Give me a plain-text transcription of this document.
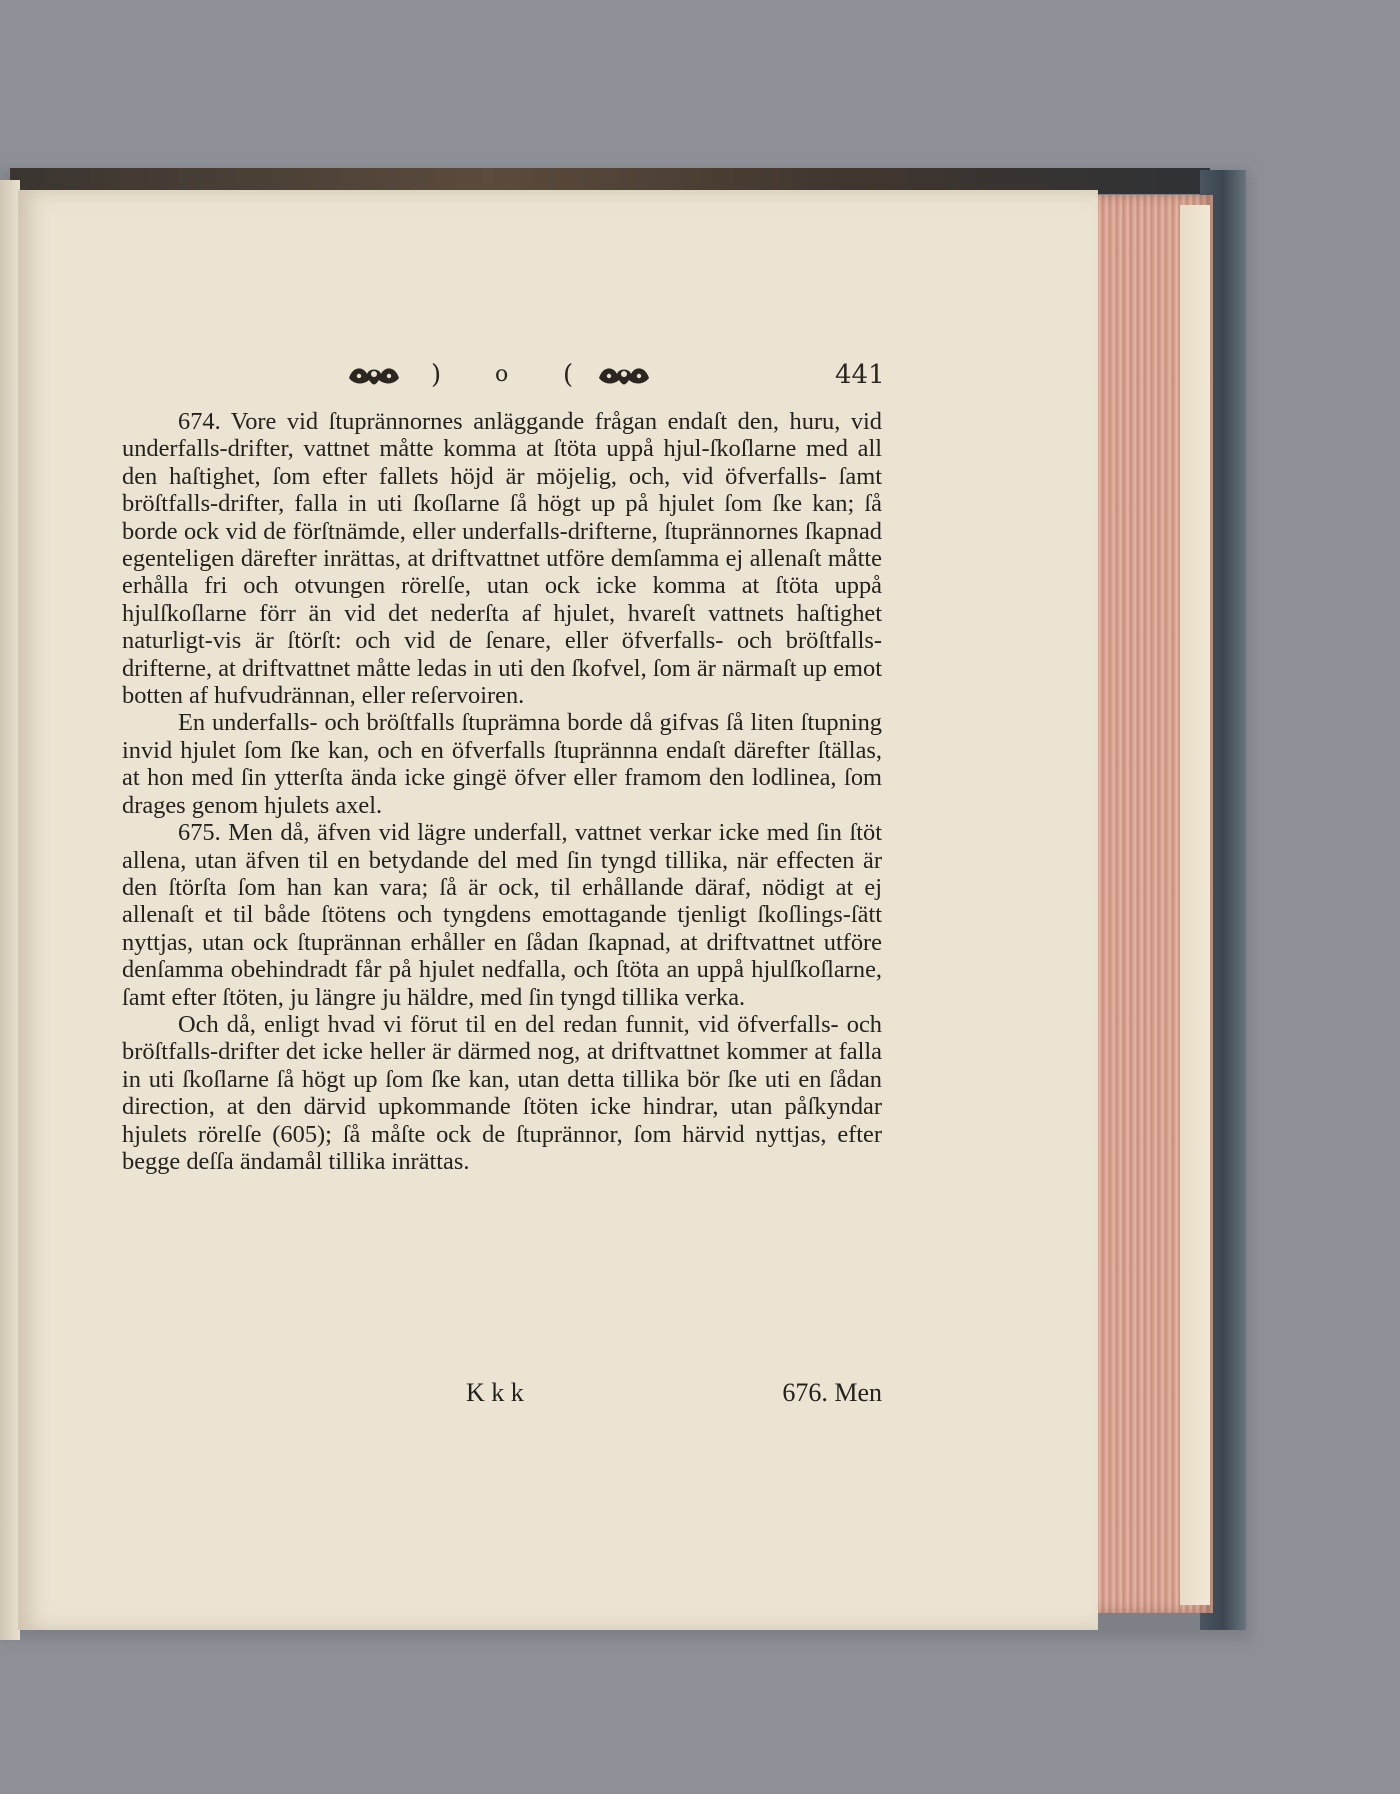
) o (	441

674. Vore vid ſtuprännornes anläggande frågan endaſt den, huru, vid underfalls-drifter, vattnet måtte komma at ſtöta uppå hjul-ſkoſlarne med all den haſtighet, ſom efter fallets höjd är möjelig, och, vid öfverfalls- ſamt bröſtfalls-drifter, falla in uti ſkoſlarne ſå högt up på hjulet ſom ſke kan; ſå borde ock vid de förſtnämde, eller underfalls-drifterne, ſtuprännornes ſkapnad egenteligen därefter inrättas, at driftvattnet utföre demſamma ej allenaſt måtte erhålla fri och otvungen rörelſe, utan ock icke komma at ſtöta uppå hjulſkoſlarne förr än vid det nederſta af hjulet, hvareſt vattnets haſtighet naturligt-vis är ſtörſt: och vid de ſenare, eller öfverfalls- och bröſtfalls-drifterne, at driftvattnet måtte ledas in uti den ſkofvel, ſom är närmaſt up emot botten af hufvudrännan, eller reſervoiren.

En underfalls- och bröſtfalls ſtuprämna borde då gifvas ſå liten ſtupning invid hjulet ſom ſke kan, och en öfverfalls ſtuprännna endaſt därefter ſtällas, at hon med ſin ytterſta ända icke gingë öfver eller framom den lodlinea, ſom drages genom hjulets axel.

675. Men då, äfven vid lägre underfall, vattnet verkar icke med ſin ſtöt allena, utan äfven til en betydande del med ſin tyngd tillika, när effecten är den ſtörſta ſom han kan vara; ſå är ock, til erhållande däraf, nödigt at ej allenaſt et til både ſtötens och tyngdens emottagande tjenligt ſkoſlings-ſätt nyttjas, utan ock ſtuprännan erhåller en ſådan ſkapnad, at driftvattnet utföre denſamma obehindradt får på hjulet nedfalla, och ſtöta an uppå hjulſkoſlarne, ſamt efter ſtöten, ju längre ju häldre, med ſin tyngd tillika verka.

Och då, enligt hvad vi förut til en del redan funnit, vid öfverfalls- och bröſtfalls-drifter det icke heller är därmed nog, at driftvattnet kommer at falla in uti ſkoſlarne ſå högt up ſom ſke kan, utan detta tillika bör ſke uti en ſådan direction, at den därvid upkommande ſtöten icke hindrar, utan påſkyndar hjulets rörelſe (605); ſå måſte ock de ſtuprännor, ſom härvid nyttjas, efter begge deſſa ändamål tillika inrättas.

K k k	676. Men
